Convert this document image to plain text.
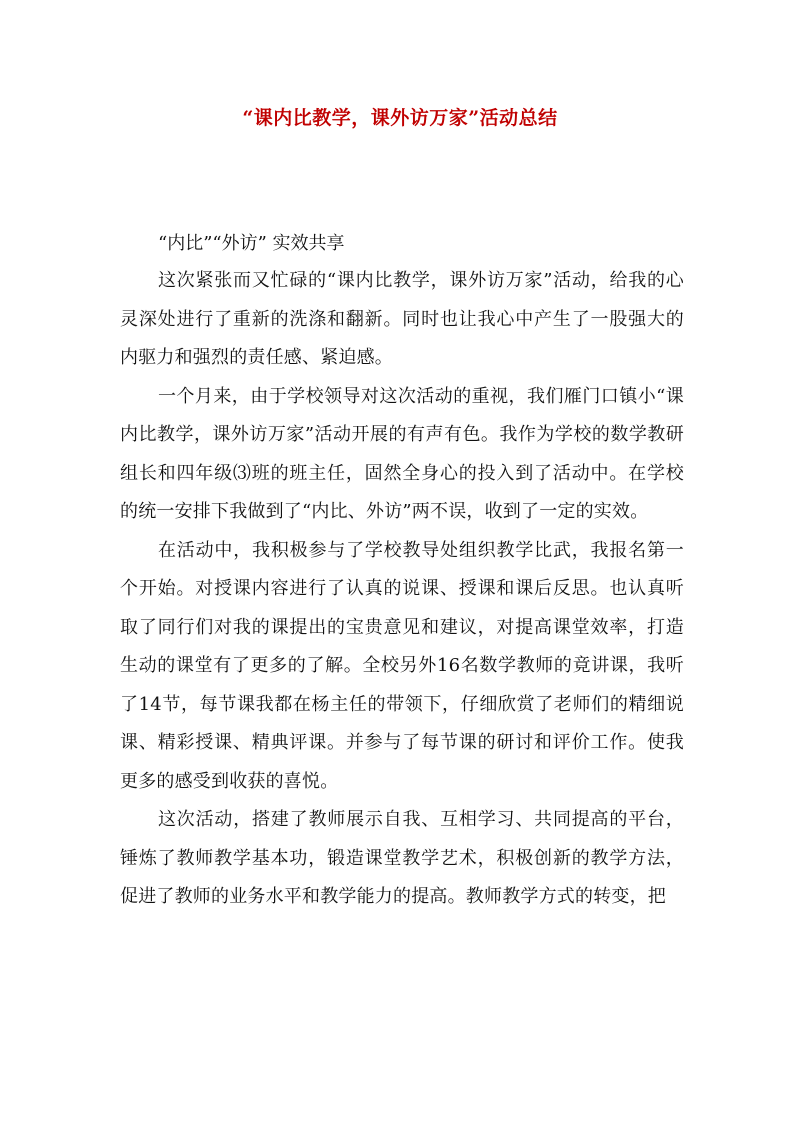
“课内比教学，课外访万家”活动总结
“内比”“外访” 实效共享

这次紧张而又忙碌的“课内比教学，课外访万家”活动，给我的心灵深处进行了重新的洗涤和翻新。同时也让我心中产生了一股强大的内驱力和强烈的责任感、紧迫感。

一个月来，由于学校领导对这次活动的重视，我们雁门口镇小“课内比教学，课外访万家”活动开展的有声有色。我作为学校的数学教研组长和四年级⑶班的班主任，固然全身心的投入到了活动中。在学校的统一安排下我做到了“内比、外访”两不误，收到了一定的实效。

在活动中，我积极参与了学校教导处组织教学比武，我报名第一个开始。对授课内容进行了认真的说课、授课和课后反思。也认真听取了同行们对我的课提出的宝贵意见和建议，对提高课堂效率，打造生动的课堂有了更多的了解。全校另外16名数学教师的竟讲课，我听了14节，每节课我都在杨主任的带领下，仔细欣赏了老师们的精细说课、精彩授课、精典评课。并参与了每节课的研讨和评价工作。使我更多的感受到收获的喜悦。

这次活动，搭建了教师展示自我、互相学习、共同提高的平台，锤炼了教师教学基本功，锻造课堂教学艺术，积极创新的教学方法，促进了教师的业务水平和教学能力的提高。教师教学方式的转变，把
